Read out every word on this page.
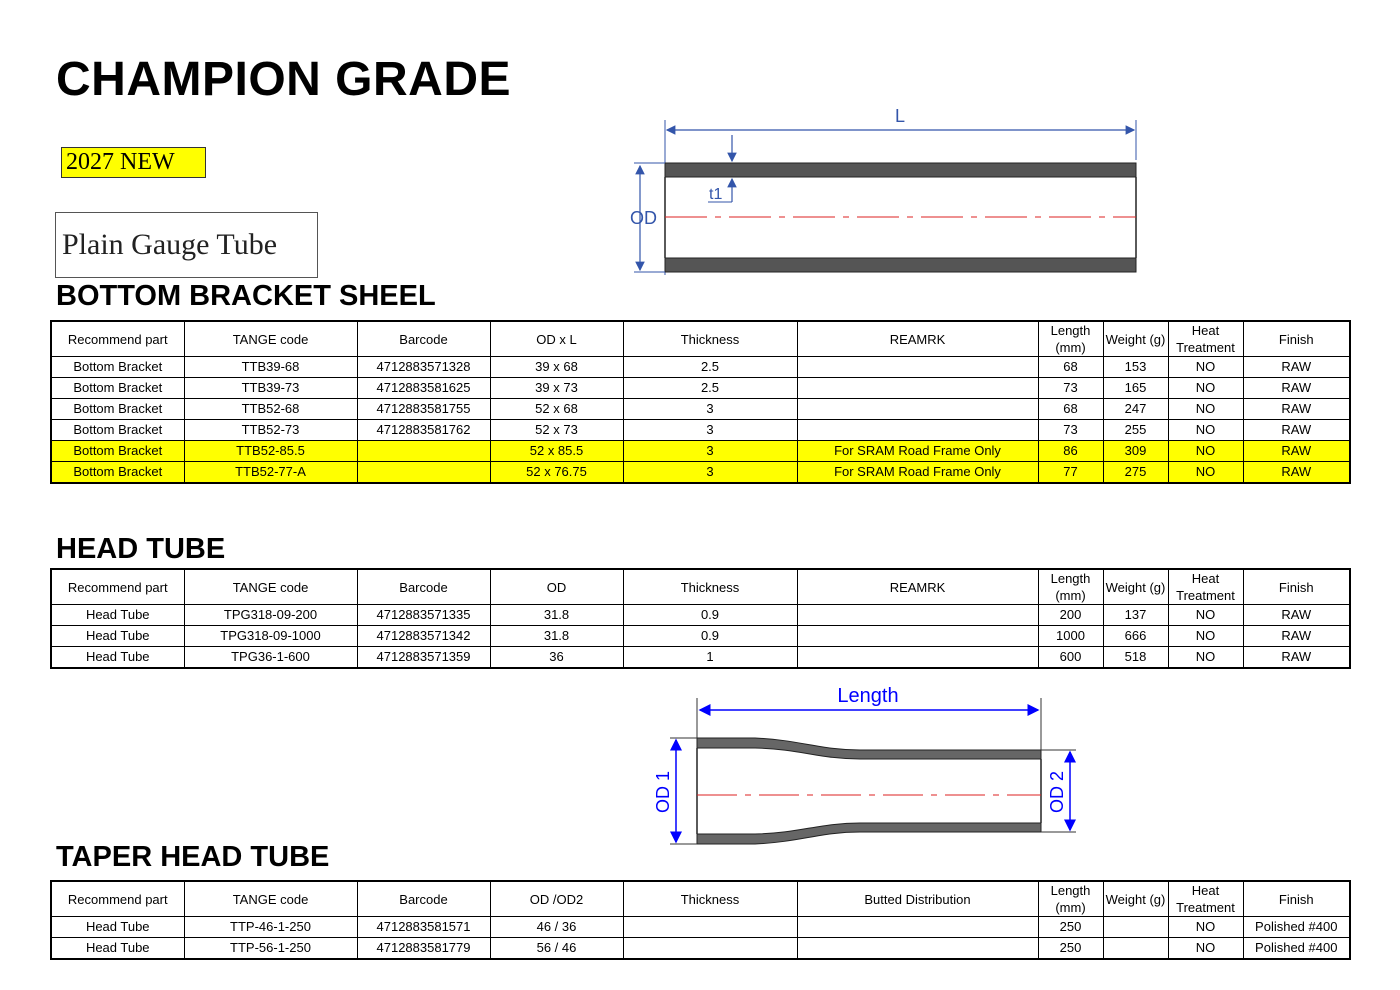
CHAMPION GRADE
2027 NEW
Plain Gauge Tube
L
OD
t1
BOTTOM BRACKET SHEEL
Recommend part	TANGE code	Barcode	OD x L	Thickness	REAMRK	Length (mm)	Weight (g)	Heat Treatment	Finish
Bottom Bracket	TTB39-68	4712883571328	39 x 68	2.5		68	153	NO	RAW
Bottom Bracket	TTB39-73	4712883581625	39 x 73	2.5		73	165	NO	RAW
Bottom Bracket	TTB52-68	4712883581755	52 x 68	3		68	247	NO	RAW
Bottom Bracket	TTB52-73	4712883581762	52 x 73	3		73	255	NO	RAW
Bottom Bracket	TTB52-85.5		52 x 85.5	3	For SRAM Road Frame Only	86	309	NO	RAW
Bottom Bracket	TTB52-77-A		52 x 76.75	3	For SRAM Road Frame Only	77	275	NO	RAW
HEAD TUBE
Recommend part	TANGE code	Barcode	OD	Thickness	REAMRK	Length (mm)	Weight (g)	Heat Treatment	Finish
Head Tube	TPG318-09-200	4712883571335	31.8	0.9		200	137	NO	RAW
Head Tube	TPG318-09-1000	4712883571342	31.8	0.9		1000	666	NO	RAW
Head Tube	TPG36-1-600	4712883571359	36	1		600	518	NO	RAW
Length
OD 1	OD 2
TAPER HEAD TUBE
Recommend part	TANGE code	Barcode	OD /OD2	Thickness	Butted Distribution	Length (mm)	Weight (g)	Heat Treatment	Finish
Head Tube	TTP-46-1-250	4712883581571	46 / 36			250		NO	Polished #400
Head Tube	TTP-56-1-250	4712883581779	56 / 46			250		NO	Polished #400
